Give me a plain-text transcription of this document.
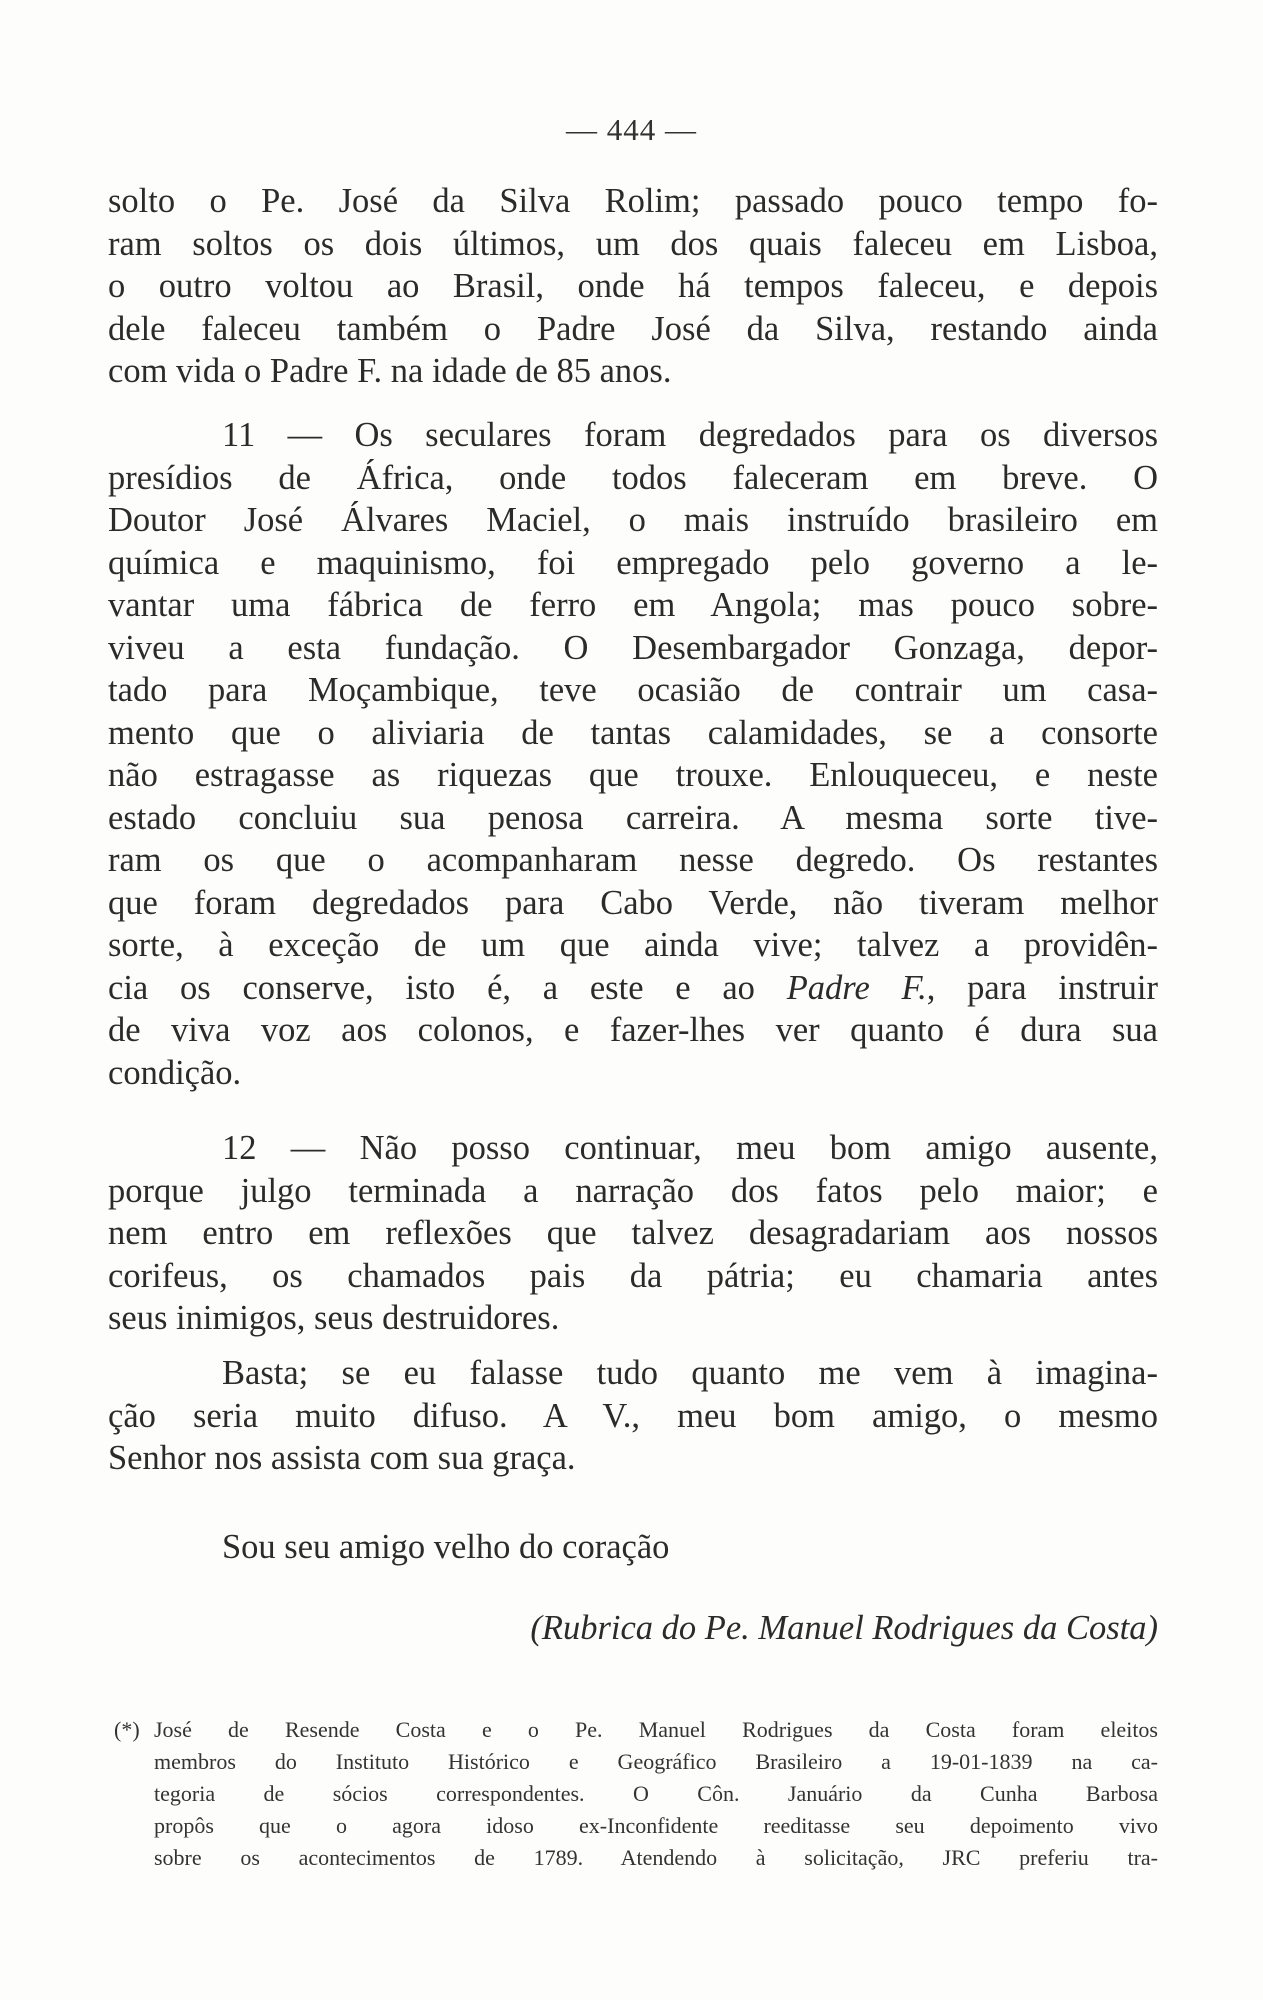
— 444 —
solto o Pe. José da Silva Rolim; passado pouco tempo fo-
ram soltos os dois últimos, um dos quais faleceu em Lisboa,
o outro voltou ao Brasil, onde há tempos faleceu, e depois
dele faleceu também o Padre José da Silva, restando ainda
com vida o Padre F. na idade de 85 anos.
11 — Os seculares foram degredados para os diversos
presídios de África, onde todos faleceram em breve. O
Doutor José Álvares Maciel, o mais instruído brasileiro em
química e maquinismo, foi empregado pelo governo a le-
vantar uma fábrica de ferro em Angola; mas pouco sobre-
viveu a esta fundação. O Desembargador Gonzaga, depor-
tado para Moçambique, teve ocasião de contrair um casa-
mento que o aliviaria de tantas calamidades, se a consorte
não estragasse as riquezas que trouxe. Enlouqueceu, e neste
estado concluiu sua penosa carreira. A mesma sorte tive-
ram os que o acompanharam nesse degredo. Os restantes
que foram degredados para Cabo Verde, não tiveram melhor
sorte, à exceção de um que ainda vive; talvez a providên-
cia os conserve, isto é, a este e ao Padre F., para instruir
de viva voz aos colonos, e fazer-lhes ver quanto é dura sua
condição.
12 — Não posso continuar, meu bom amigo ausente,
porque julgo terminada a narração dos fatos pelo maior; e
nem entro em reflexões que talvez desagradariam aos nossos
corifeus, os chamados pais da pátria; eu chamaria antes
seus inimigos, seus destruidores.
Basta; se eu falasse tudo quanto me vem à imagina-
ção seria muito difuso. A V., meu bom amigo, o mesmo
Senhor nos assista com sua graça.
Sou seu amigo velho do coração
(Rubrica do Pe. Manuel Rodrigues da Costa)
(*) José de Resende Costa e o Pe. Manuel Rodrigues da Costa foram eleitos
membros do Instituto Histórico e Geográfico Brasileiro a 19-01-1839 na ca-
tegoria de sócios correspondentes. O Côn. Januário da Cunha Barbosa
propôs que o agora idoso ex-Inconfidente reeditasse seu depoimento vivo
sobre os acontecimentos de 1789. Atendendo à solicitação, JRC preferiu tra-
